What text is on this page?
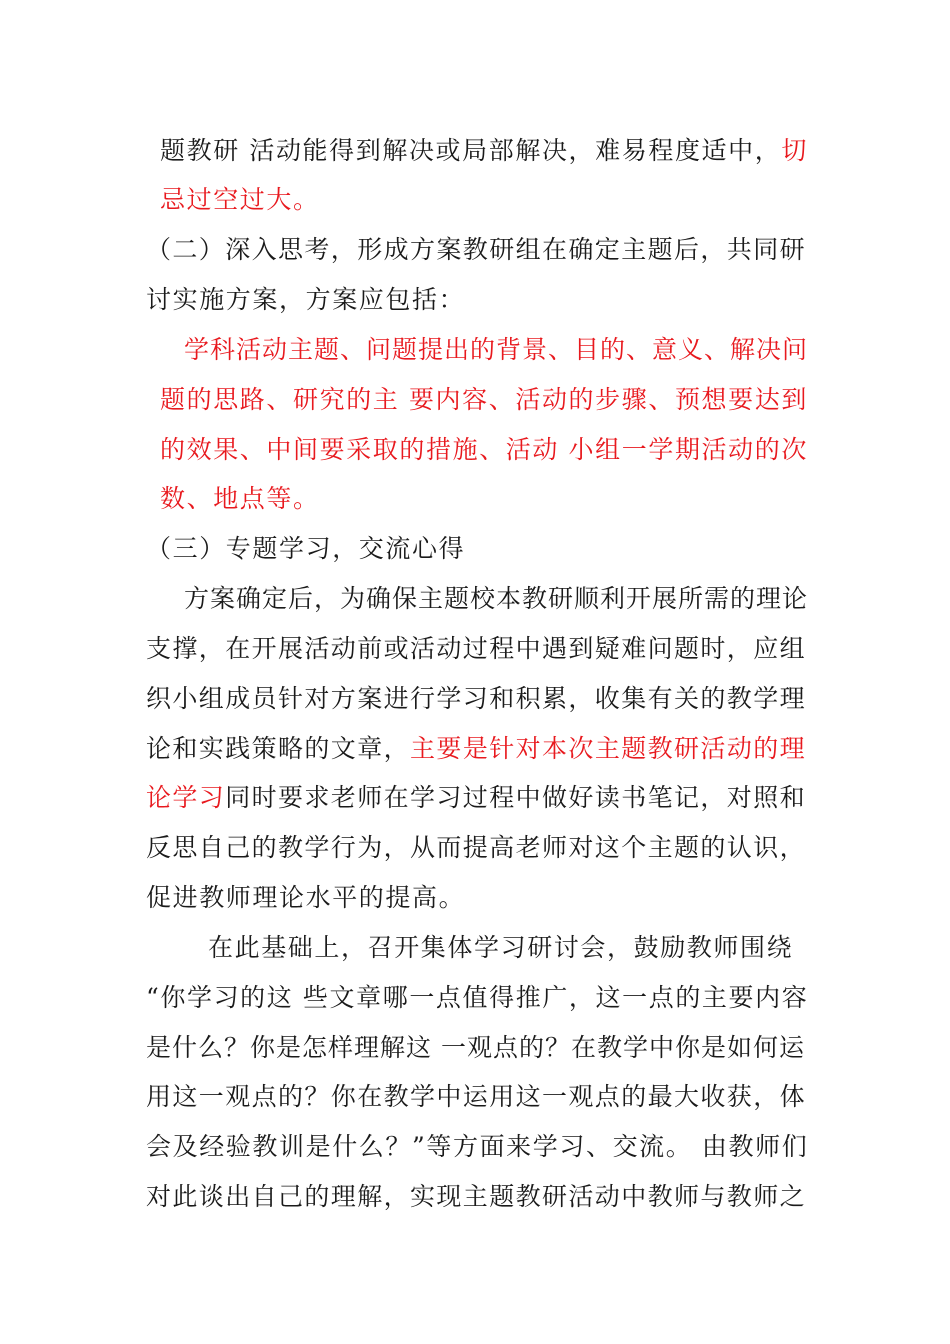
题教研 活动能得到解决或局部解决，难易程度适中，切
忌过空过大。
（二）深入思考，形成方案教研组在确定主题后，共同研
讨实施方案，方案应包括：
学科活动主题、问题提出的背景、目的、意义、解决问
题的思路、研究的主 要内容、活动的步骤、预想要达到
的效果、中间要采取的措施、活动 小组一学期活动的次
数、地点等。
（三）专题学习，交流心得
方案确定后，为确保主题校本教研顺利开展所需的理论
支撑，在开展活动前或活动过程中遇到疑难问题时，应组
织小组成员针对方案进行学习和积累，收集有关的教学理
论和实践策略的文章，主要是针对本次主题教研活动的理
论学习同时要求老师在学习过程中做好读书笔记，对照和
反思自己的教学行为，从而提高老师对这个主题的认识，
促进教师理论水平的提高。
在此基础上，召开集体学习研讨会，鼓励教师围绕
“你学习的这 些文章哪一点值得推广，这一点的主要内容
是什么？你是怎样理解这 一观点的？在教学中你是如何运
用这一观点的？你在教学中运用这一观点的最大收获，体
会及经验教训是什么？”等方面来学习、交流。 由教师们
对此谈出自己的理解，实现主题教研活动中教师与教师之
